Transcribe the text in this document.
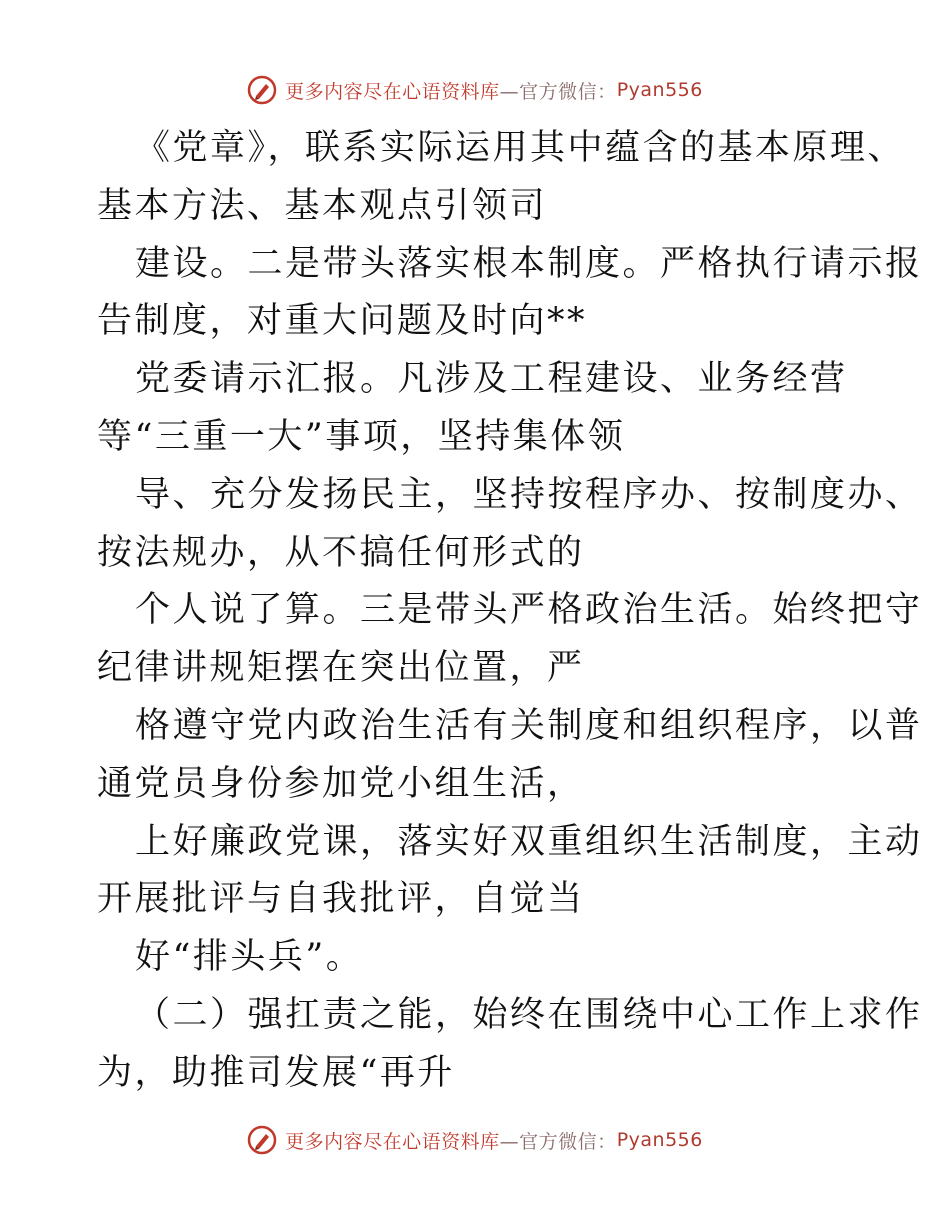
更多内容尽在心语资料库 —官方微信： Pyan556
《党章》，联系实际运用其中蕴含的基本原理、
基本方法、基本观点引领司
建设。二是带头落实根本制度。严格执行请示报
告制度，对重大问题及时向**
党委请示汇报。凡涉及工程建设、业务经营
等“三重一大”事项，坚持集体领
导、充分发扬民主，坚持按程序办、按制度办、
按法规办，从不搞任何形式的
个人说了算。三是带头严格政治生活。始终把守
纪律讲规矩摆在突出位置，严
格遵守党内政治生活有关制度和组织程序，以普
通党员身份参加党小组生活，
上好廉政党课，落实好双重组织生活制度，主动
开展批评与自我批评，自觉当
好“排头兵”。
（二）强扛责之能，始终在围绕中心工作上求作
为，助推司发展“再升
更多内容尽在心语资料库 —官方微信： Pyan556
